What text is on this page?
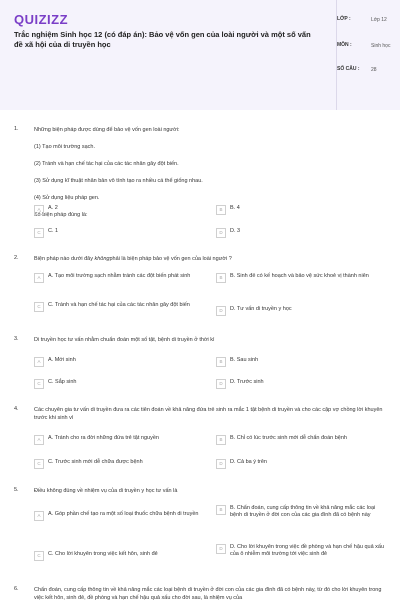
QUIZIZZ
Trắc nghiệm Sinh học 12 (có đáp án): Bảo vệ vốn gen của loài người và một số vấn đề xã hội của di truyền học
LỚP :	Lớp 12
MÔN :	Sinh học
SỐ CÂU : 28
1.	Những biện pháp được dùng để bảo vệ vốn gen loài người:
(1) Tạo môi trường sạch.
(2) Tránh và hạn chế tác hại của các tác nhân gây đột biến.
(3) Sử dụng kĩ thuật nhân bản vô tính tạo ra nhiều cá thể giống nhau.
(4) Sử dụng liệu pháp gen.
Số biện pháp đúng là:
A	A. 2	B	B. 4
C	C. 1	D	D. 3
2.	Biện pháp nào dưới đây khôngphải là biện pháp bảo vệ vốn gen của loài người ?
A	A. Tạo môi trường sạch nhằm tránh các đột biến phát sinh	B	B. Sinh đẻ có kế hoạch và bảo vệ sức khoẻ vị thành niên
C	C. Tránh và hạn chế tác hại của các tác nhân gây đột biến
D	D. Tư vấn di truyền y học
3.	Di truyền học tư vấn nhằm chuẩn đoán một số tật, bệnh di truyền ở thời kì
A	A. Mới sinh	B	B. Sau sinh
C	C. Sắp sinh	D	D. Trước sinh
4.	Các chuyên gia tư vấn di truyền đưa ra các tiên đoán về khả năng đứa trẻ sinh ra mắc 1 tật bệnh di truyền và cho các cặp vợ chồng lời khuyên trước khi sinh vì
A	A. Tránh cho ra đời những đứa trẻ tật nguyền	B	B. Chỉ có lúc trước sinh mới dễ chẩn đoán bệnh
C	C. Trước sinh mới dễ chữa được bệnh	D	D. Cả ba ý trên
5.	Điều không đúng về nhiệm vụ của di truyền y học tư vấn là
A	A. Góp phần chế tạo ra một số loại thuốc chữa bệnh di truyền
B	B. Chẩn đoán, cung cấp thông tin về khả năng mắc các loại bệnh di truyền ở đời con của các gia đình đã có bệnh này
C	C. Cho lời khuyên trong việc kết hôn, sinh đẻ
D	D. Cho lời khuyên trong việc đề phòng và hạn chế hậu quả xấu của ô nhiễm môi trường tới việc sinh đẻ
6.	Chẩn đoán, cung cấp thông tin về khả năng mắc các loại bệnh di truyền ở đời con của các gia đình đã có bệnh này, từ đó cho lời khuyên trong việc kết hôn, sinh đẻ, đề phòng và hạn chế hậu quả xấu cho đời sau, là nhiệm vụ của
